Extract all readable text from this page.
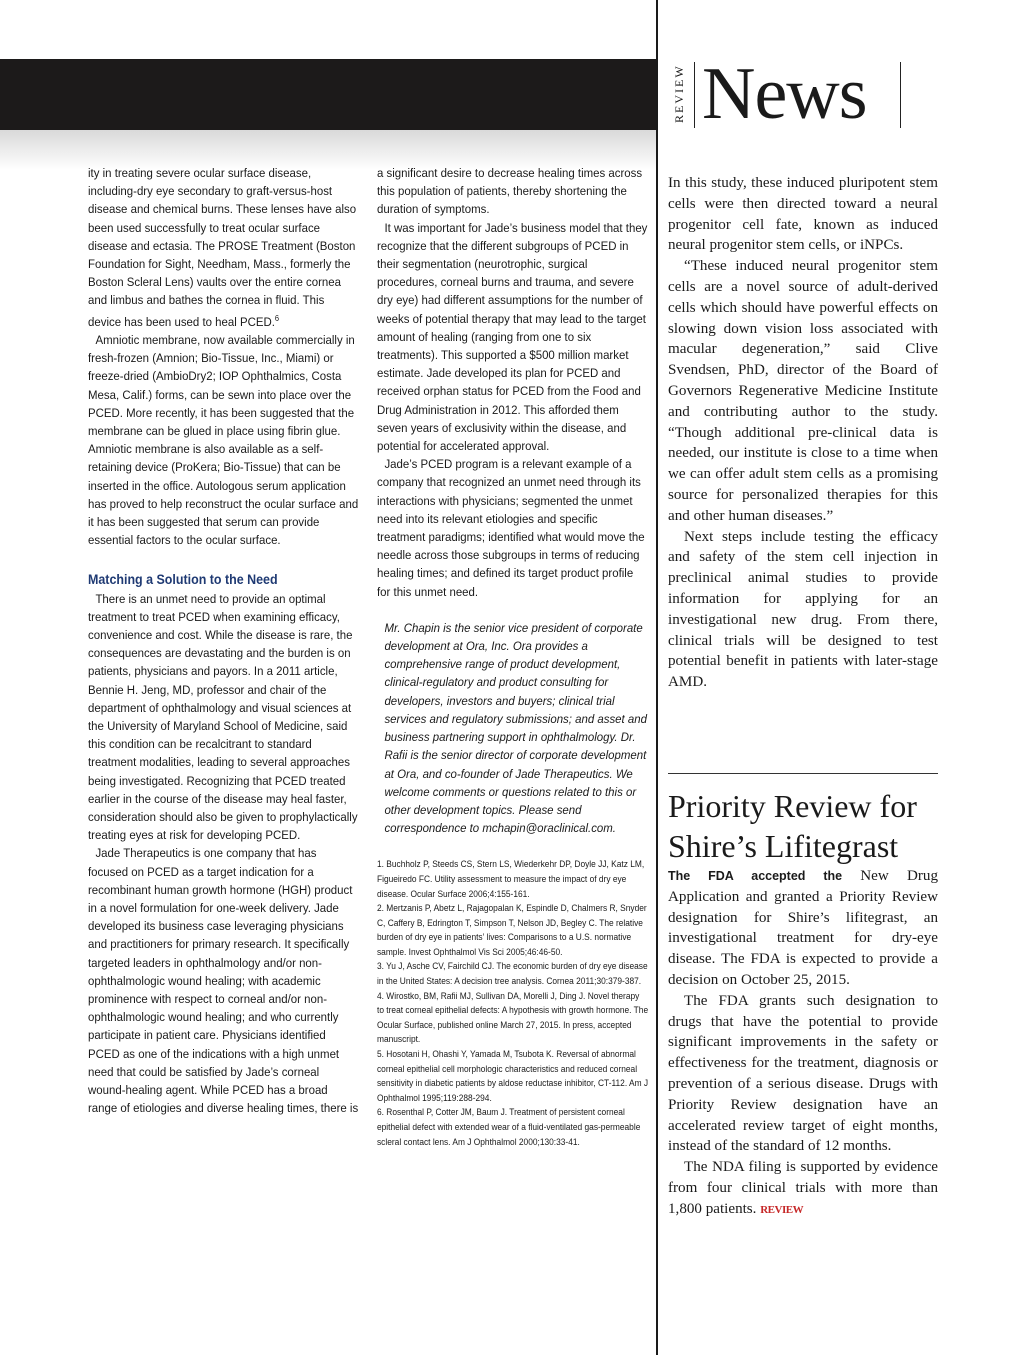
REVIEW News

ity in treating severe ocular surface disease, including-dry eye secondary to graft-versus-host disease and chemical burns. These lenses have also been used successfully to treat ocular surface disease and ectasia. The PROSE Treatment (Boston Foundation for Sight, Needham, Mass., formerly the Boston Scleral Lens) vaults over the entire cornea and limbus and bathes the cornea in fluid. This device has been used to heal PCED.$^6$

Amniotic membrane, now available commercially in fresh-frozen (Amnion; Bio-Tissue, Inc., Miami) or freeze-dried (AmbioDry2; IOP Ophthalmics, Costa Mesa, Calif.) forms, can be sewn into place over the PCED. More recently, it has been suggested that the membrane can be glued in place using fibrin glue. Amniotic membrane is also available as a self-retaining device (ProKera; Bio-Tissue) that can be inserted in the office. Autologous serum application has proved to help reconstruct the ocular surface and it has been suggested that serum can provide essential factors to the ocular surface.

Matching a Solution to the Need

There is an unmet need to provide an optimal treatment to treat PCED when examining efficacy, convenience and cost. While the disease is rare, the consequences are devastating and the burden is on patients, physicians and payors. In a 2011 article, Bennie H. Jeng, MD, professor and chair of the department of ophthalmology and visual sciences at the University of Maryland School of Medicine, said this condition can be recalcitrant to standard treatment modalities, leading to several approaches being investigated. Recognizing that PCED treated earlier in the course of the disease may heal faster, consideration should also be given to prophylactically treating eyes at risk for developing PCED.

Jade Therapeutics is one company that has focused on PCED as a target indication for a recombinant human growth hormone (HGH) product in a novel formulation for one-week delivery. Jade developed its business case leveraging physicians and practitioners for primary research. It specifically targeted leaders in ophthalmology and/or non-ophthalmologic wound healing; with academic prominence with respect to corneal and/or non-ophthalmologic wound healing; and who currently participate in patient care. Physicians identified PCED as one of the indications with a high unmet need that could be satisfied by Jade’s corneal wound-healing agent. While PCED has a broad range of etiologies and diverse healing times, there is

a significant desire to decrease healing times across this population of patients, thereby shortening the duration of symptoms.

It was important for Jade’s business model that they recognize that the different subgroups of PCED in their segmentation (neurotrophic, surgical procedures, corneal burns and trauma, and severe dry eye) had different assumptions for the number of weeks of potential therapy that may lead to the target amount of healing (ranging from one to six treatments). This supported a $500 million market estimate. Jade developed its plan for PCED and received orphan status for PCED from the Food and Drug Administration in 2012. This afforded them seven years of exclusivity within the disease, and potential for accelerated approval.

Jade’s PCED program is a relevant example of a company that recognized an unmet need through its interactions with physicians; segmented the unmet need into its relevant etiologies and specific treatment paradigms; identified what would move the needle across those subgroups in terms of reducing healing times; and defined its target product profile for this unmet need.

Mr. Chapin is the senior vice president of corporate development at Ora, Inc. Ora provides a comprehensive range of product development, clinical-regulatory and product consulting for developers, investors and buyers; clinical trial services and regulatory submissions; and asset and business partnering support in ophthalmology. Dr. Rafii is the senior director of corporate development at Ora, and co-founder of Jade Therapeutics. We welcome comments or questions related to this or other development topics. Please send correspondence to mchapin@oraclinical.com.

1. Buchholz P, Steeds CS, Stern LS, Wiederkehr DP, Doyle JJ, Katz LM, Figueiredo FC. Utility assessment to measure the impact of dry eye disease. Ocular Surface 2006;4:155-161.

2. Mertzanis P, Abetz L, Rajagopalan K, Espindle D, Chalmers R, Snyder C, Caffery B, Edrington T, Simpson T, Nelson JD, Begley C. The relative burden of dry eye in patients’ lives: Comparisons to a U.S. normative sample. Invest Ophthalmol Vis Sci 2005;46:46-50.

3. Yu J, Asche CV, Fairchild CJ. The economic burden of dry eye disease in the United States: A decision tree analysis. Cornea 2011;30:379-387.

4. Wirostko, BM, Rafii MJ, Sullivan DA, Morelli J, Ding J. Novel therapy to treat corneal epithelial defects: A hypothesis with growth hormone. The Ocular Surface, published online March 27, 2015. In press, accepted manuscript.

5. Hosotani H, Ohashi Y, Yamada M, Tsubota K. Reversal of abnormal corneal epithelial cell morphologic characteristics and reduced corneal sensitivity in diabetic patients by aldose reductase inhibitor, CT-112. Am J Ophthalmol 1995;119:288-294.

6. Rosenthal P, Cotter JM, Baum J. Treatment of persistent corneal epithelial defect with extended wear of a fluid-ventilated gas-permeable scleral contact lens. Am J Ophthalmol 2000;130:33-41.

In this study, these induced pluripotent stem cells were then directed toward a neural progenitor cell fate, known as induced neural progenitor stem cells, or iNPCs.

“These induced neural progenitor stem cells are a novel source of adult-derived cells which should have powerful effects on slowing down vision loss associated with macular degeneration,” said Clive Svendsen, PhD, director of the Board of Governors Regenerative Medicine Institute and contributing author to the study. “Though additional pre-clinical data is needed, our institute is close to a time when we can offer adult stem cells as a promising source for personalized therapies for this and other human diseases.”

Next steps include testing the efficacy and safety of the stem cell injection in preclinical animal studies to provide information for applying for an investigational new drug. From there, clinical trials will be designed to test potential benefit in patients with later-stage AMD.

Priority Review for Shire’s Lifitegrast

The FDA accepted the New Drug Application and granted a Priority Review designation for Shire’s lifitegrast, an investigational treatment for dry-eye disease. The FDA is expected to provide a decision on October 25, 2015.

The FDA grants such designation to drugs that have the potential to provide significant improvements in the safety or effectiveness for the treatment, diagnosis or prevention of a serious disease. Drugs with Priority Review designation have an accelerated review target of eight months, instead of the standard of 12 months.

The NDA filing is supported by evidence from four clinical trials with more than 1,800 patients. REVIEW
